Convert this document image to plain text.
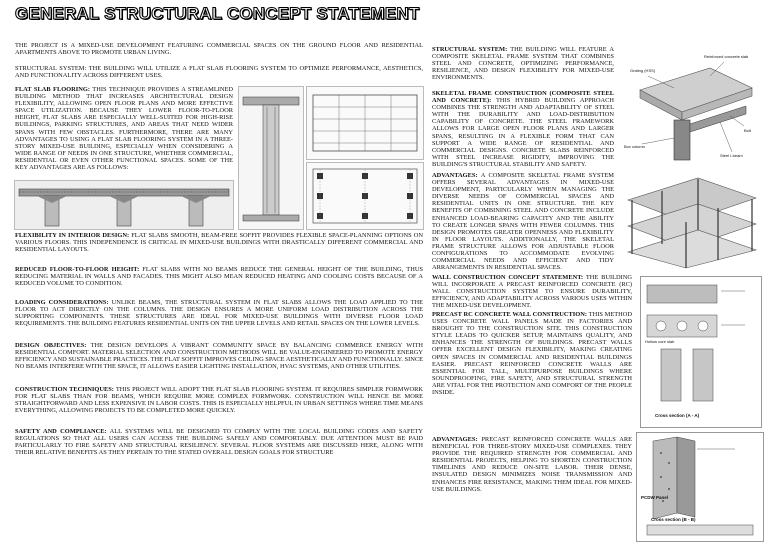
GENERAL STRUCTURAL CONCEPT STATEMENT

THE PROJECT IS A MIXED-USE DEVELOPMENT FEATURING COMMERCIAL SPACES ON THE GROUND FLOOR AND RESIDENTIAL APARTMENTS ABOVE TO PROMOTE URBAN LIVING.

STRUCTURAL SYSTEM: THE BUILDING WILL UTILIZE A FLAT SLAB FLOORING SYSTEM TO OPTIMIZE PERFORMANCE, AESTHETICS, AND FUNCTIONALITY ACROSS DIFFERENT USES.

FLAT SLAB FLOORING: THIS TECHNIQUE PROVIDES A STREAMLINED BUILDING METHOD THAT INCREASES ARCHITECTURAL DESIGN FLEXIBILITY, ALLOWING OPEN FLOOR PLANS AND MORE EFFECTIVE SPACE UTILIZATION. BECAUSE THEY LOWER FLOOR-TO-FLOOR HEIGHT, FLAT SLABS ARE ESPECIALLY WELL-SUITED FOR HIGH-RISE BUILDINGS, PARKING STRUCTURES, AND AREAS THAT NEED WIDER SPANS WITH FEW OBSTACLES. FURTHERMORE, THERE ARE MANY ADVANTAGES TO USING A FLAT SLAB FLOORING SYSTEM IN A THREE-STORY MIXED-USE BUILDING, ESPECIALLY WHEN CONSIDERING A WIDE RANGE OF NEEDS IN ONE STRUCTURE, WHETHER COMMERCIAL, RESIDENTIAL OR EVEN OTHER FUNCTIONAL SPACES. SOME OF THE KEY ADVANTAGES ARE AS FOLLOWS:

FLEXIBILITY IN INTERIOR DESIGN: FLAT SLABS SMOOTH, BEAM-FREE SOFFIT PROVIDES FLEXIBLE SPACE-PLANNING OPTIONS ON VARIOUS FLOORS. THIS INDEPENDENCE IS CRITICAL IN MIXED-USE BUILDINGS WITH DRASTICALLY DIFFERENT COMMERCIAL AND RESIDENTIAL LAYOUTS.

REDUCED FLOOR-TO-FLOOR HEIGHT: FLAT SLABS WITH NO BEAMS REDUCE THE GENERAL HEIGHT OF THE BUILDING, THUS REDUCING MATERIAL IN WALLS AND FACADES. THIS MIGHT ALSO MEAN REDUCED HEATING AND COOLING COSTS BECAUSE OF A REDUCED VOLUME TO CONDITION.

LOADING CONSIDERATIONS: UNLIKE BEAMS, THE STRUCTURAL SYSTEM IN FLAT SLABS ALLOWS THE LOAD APPLIED TO THE FLOOR TO ACT DIRECTLY ON THE COLUMNS. THE DESIGN ENSURES A MORE UNIFORM LOAD DISTRIBUTION ACROSS THE SUPPORTING COMPONENTS. THESE STRUCTURES ARE IDEAL FOR MIXED-USE BUILDINGS WITH DIVERSE FLOOR LOAD REQUIREMENTS. THE BUILDING FEATURES RESIDENTIAL UNITS ON THE UPPER LEVELS AND RETAIL SPACES ON THE LOWER LEVELS.

DESIGN OBJECTIVES: THE DESIGN DEVELOPS A VIBRANT COMMUNITY SPACE BY BALANCING COMMERCE ENERGY WITH RESIDENTIAL COMFORT. MATERIAL SELECTION AND CONSTRUCTION METHODS WILL BE VALUE-ENGINEERED TO PROMOTE ENERGY EFFICIENCY AND SUSTAINABLE PRACTICES. THE FLAT SOFFIT IMPROVES CEILING SPACE AESTHETICALLY AND FUNCTIONALLY. SINCE NO BEAMS INTERFERE WITH THE SPACE, IT ALLOWS EASIER LIGHTING INSTALLATION, HVAC SYSTEMS, AND OTHER UTILITIES.

CONSTRUCTION TECHNIQUES: THIS PROJECT WILL ADOPT THE FLAT SLAB FLOORING SYSTEM. IT REQUIRES SIMPLER FORMWORK FOR FLAT SLABS THAN FOR BEAMS, WHICH REQUIRE MORE COMPLEX FORMWORK. CONSTRUCTION WILL HENCE BE MORE STRAIGHTFORWARD AND LESS EXPENSIVE IN LABOR COSTS. THIS IS ESPECIALLY HELPFUL IN URBAN SETTINGS WHERE TIME MEANS EVERYTHING, ALLOWING PROJECTS TO BE COMPLETED MORE QUICKLY.

SAFETY AND COMPLIANCE: ALL SYSTEMS WILL BE DESIGNED TO COMPLY WITH THE LOCAL BUILDING CODES AND SAFETY REGULATIONS SO THAT ALL USERS CAN ACCESS THE BUILDING SAFELY AND COMFORTABLY. DUE ATTENTION MUST BE PAID PARTICULARLY TO FIRE SAFETY AND STRUCTURAL RESILIENCY. SEVERAL FLOOR SYSTEMS ARE DISCUSSED HERE, ALONG WITH THEIR RELATIVE BENEFITS AS THEY PERTAIN TO THE STATED OVERALL DESIGN GOALS FOR STRUCTURE

STRUCTURAL SYSTEM: THE BUILDING WILL FEATURE A COMPOSITE SKELETAL FRAME SYSTEM THAT COMBINES STEEL AND CONCRETE, OPTIMIZING PERFORMANCE, RESILIENCE, AND DESIGN FLEXIBILITY FOR MIXED-USE ENVIRONMENTS.

SKELETAL FRAME CONSTRUCTION (COMPOSITE STEEL AND CONCRETE): THIS HYBRID BUILDING APPROACH COMBINES THE STRENGTH AND ADAPTABILITY OF STEEL WITH THE DURABILITY AND LOAD-DISTRIBUTION CAPABILITY OF CONCRETE. THE STEEL FRAMEWORK ALLOWS FOR LARGE OPEN FLOOR PLANS AND LARGER SPANS, RESULTING IN A FLEXIBLE FORM THAT CAN SUPPORT A WIDE RANGE OF RESIDENTIAL AND COMMERCIAL DESIGNS. CONCRETE SLABS REINFORCED WITH STEEL INCREASE RIGIDITY, IMPROVING THE BUILDING'S STRUCTURAL STABILITY AND SAFETY.

ADVANTAGES: A COMPOSITE SKELETAL FRAME SYSTEM OFFERS SEVERAL ADVANTAGES IN MIXED-USE DEVELOPMENT, PARTICULARLY WHEN MANAGING THE DIVERSE NEEDS OF COMMERCIAL SPACES AND RESIDENTIAL UNITS IN ONE STRUCTURE. THE KEY BENEFITS OF COMBINING STEEL AND CONCRETE INCLUDE ENHANCED LOAD-BEARING CAPACITY AND THE ABILITY TO CREATE LONGER SPANS WITH FEWER COLUMNS. THIS DESIGN PROMOTES GREATER OPENNESS AND FLEXIBILITY IN FLOOR LAYOUTS. ADDITIONALLY, THE SKELETAL FRAME STRUCTURE ALLOWS FOR ADJUSTABLE FLOOR CONFIGURATIONS TO ACCOMMODATE EVOLVING COMMERCIAL NEEDS AND EFFICIENT AND TIDY ARRANGEMENTS IN RESIDENTIAL SPACES.

Grating (HSS)
Reinforced concrete slab
Bolt
Box column
Steel I-beam

WALL CONSTRUCTION CONCEPT STATEMENT: THE BUILDING WILL INCORPORATE A PRECAST REINFORCED CONCRETE (RC) WALL CONSTRUCTION SYSTEM TO ENSURE DURABILITY, EFFICIENCY, AND ADAPTABILITY ACROSS VARIOUS USES WITHIN THE MIXED-USE DEVELOPMENT.

PRECAST RC CONCRETE WALL CONSTRUCTION: THIS METHOD USES CONCRETE WALL PANELS MADE IN FACTORIES AND BROUGHT TO THE CONSTRUCTION SITE. THIS CONSTRUCTION STYLE LEADS TO QUICKER SETUP, MAINTAINS QUALITY, AND ENHANCES THE STRENGTH OF BUILDINGS. PRECAST WALLS OFFER EXCELLENT DESIGN FLEXIBILITY, MAKING CREATING OPEN SPACES IN COMMERCIAL AND RESIDENTIAL BUILDINGS EASIER. PRECAST REINFORCED CONCRETE WALLS ARE ESSENTIAL FOR TALL, MULTIPURPOSE BUILDINGS WHERE SOUNDPROOFING, FIRE SAFETY, AND STRUCTURAL STRENGTH ARE VITAL FOR THE PROTECTION AND COMFORT OF THE PEOPLE INSIDE.

ADVANTAGES: PRECAST REINFORCED CONCRETE WALLS ARE BENEFICIAL FOR THREE-STORY MIXED-USE COMPLEXES. THEY PROVIDE THE REQUIRED STRENGTH FOR COMMERCIAL AND RESIDENTIAL PROJECTS, HELPING TO SHORTEN CONSTRUCTION TIMELINES AND REDUCE ON-SITE LABOR. THEIR DENSE, INSULATED DESIGN MINIMIZES NOISE TRANSMISSION AND ENHANCES FIRE RESISTANCE, MAKING THEM IDEAL FOR MIXED-USE BUILDINGS.

Hollow core slab
Cross section (A - A)
PCDW Panel
Cross section (B - B)
